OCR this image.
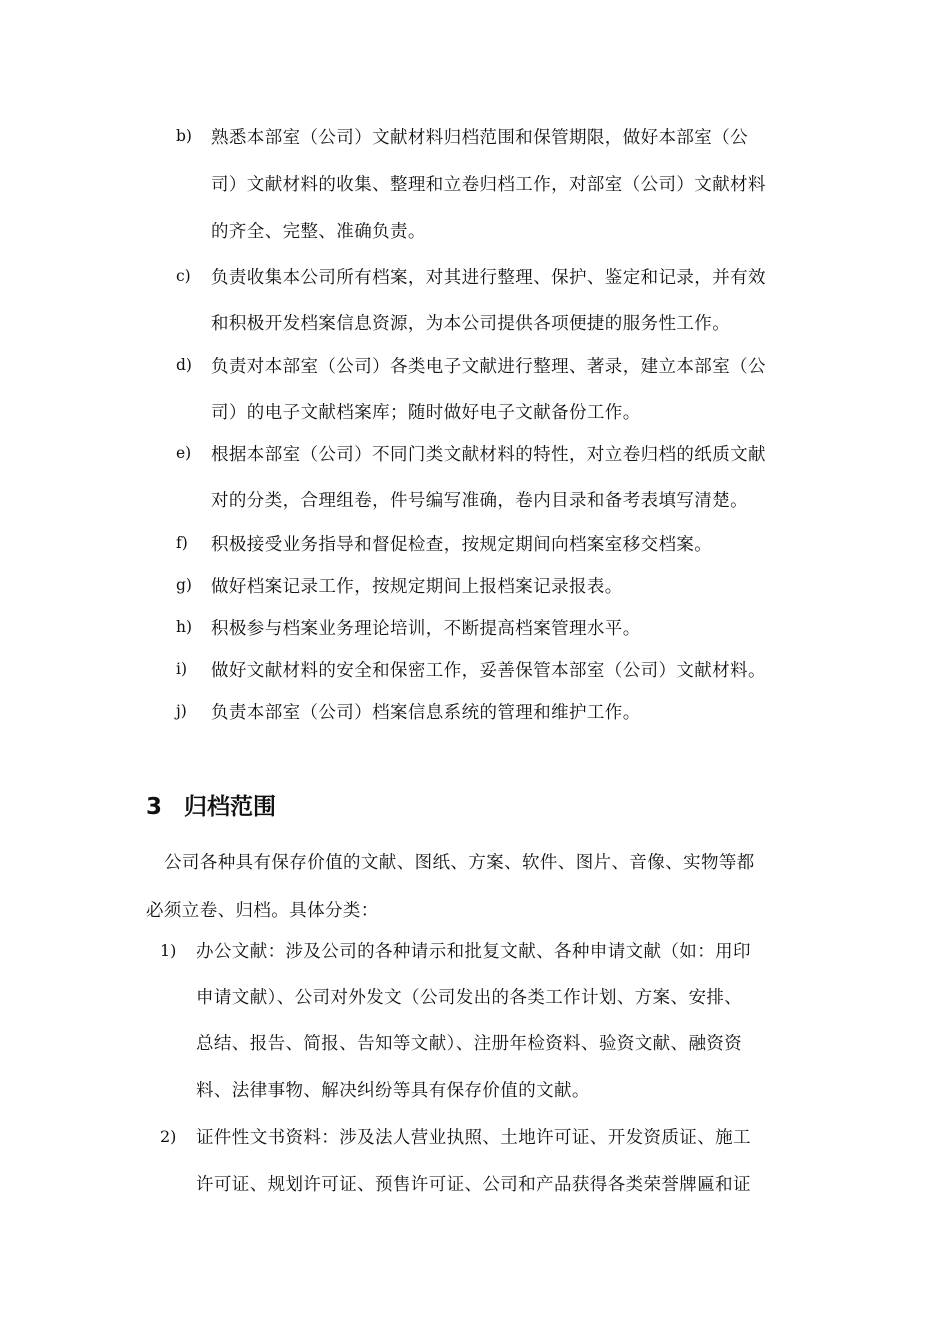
b) 熟悉本部室（公司）文献材料归档范围和保管期限，做好本部室（公
司）文献材料的收集、整理和立卷归档工作，对部室（公司）文献材料
的齐全、完整、准确负责。
c) 负责收集本公司所有档案，对其进行整理、保护、鉴定和记录，并有效
和积极开发档案信息资源，为本公司提供各项便捷的服务性工作。
d) 负责对本部室（公司）各类电子文献进行整理、著录，建立本部室（公
司）的电子文献档案库；随时做好电子文献备份工作。
e) 根据本部室（公司）不同门类文献材料的特性，对立卷归档的纸质文献
对的分类，合理组卷，件号编写准确，卷内目录和备考表填写清楚。
f) 积极接受业务指导和督促检查，按规定期间向档案室移交档案。
g) 做好档案记录工作，按规定期间上报档案记录报表。
h) 积极参与档案业务理论培训，不断提高档案管理水平。
i) 做好文献材料的安全和保密工作，妥善保管本部室（公司）文献材料。
j) 负责本部室（公司）档案信息系统的管理和维护工作。
3 归档范围
公司各种具有保存价值的文献、图纸、方案、软件、图片、音像、实物等都
必须立卷、归档。具体分类：
1) 办公文献：涉及公司的各种请示和批复文献、各种申请文献（如：用印
申请文献）、公司对外发文（公司发出的各类工作计划、方案、安排、
总结、报告、简报、告知等文献）、注册年检资料、验资文献、融资资
料、法律事物、解决纠纷等具有保存价值的文献。
2) 证件性文书资料：涉及法人营业执照、土地许可证、开发资质证、施工
许可证、规划许可证、预售许可证、公司和产品获得各类荣誉牌匾和证
